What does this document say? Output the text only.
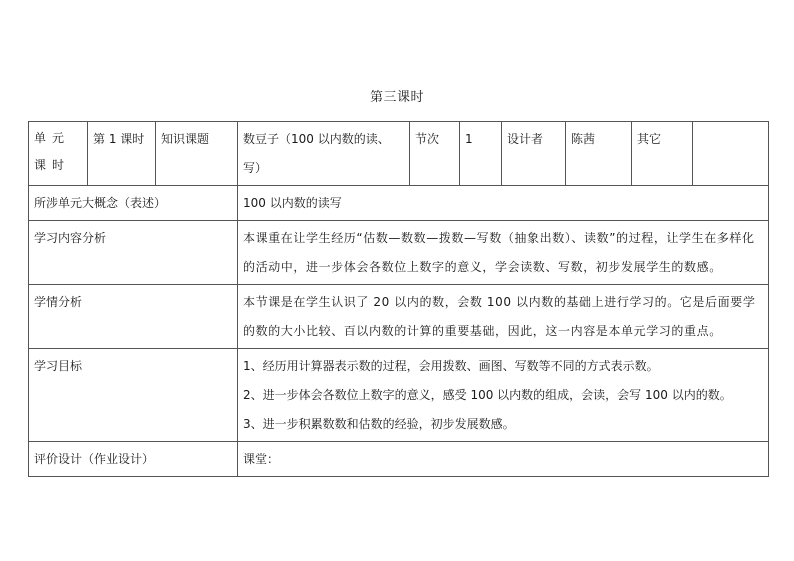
第三课时
单元课时	第 1 课时	知识课题	数豆子（100 以内数的读、写）	节次	1	设计者	陈茜	其它	
所涉单元大概念（表述）			100 以内数的读写						

学习内容分析			本课重在让学生经历“估数—数数—拨数—写数（抽象出数）、读数”的过程，让学生在多样化的活动中，进一步体会各数位上数字的意义，学会读数、写数，初步发展学生的数感。						

学情分析			本节课是在学生认识了 20 以内的数，会数 100 以内数的基础上进行学习的。它是后面要学的数的大小比较、百以内数的计算的重要基础，因此，这一内容是本单元学习的重点。						

学习目标			1、经历用计算器表示数的过程，会用拨数、画图、写数等不同的方式表示数。
2、进一步体会各数位上数字的意义，感受 100 以内数的组成，会读，会写 100 以内的数。
3、进一步积累数数和估数的经验，初步发展数感。						

评价设计（作业设计）			课堂：						
